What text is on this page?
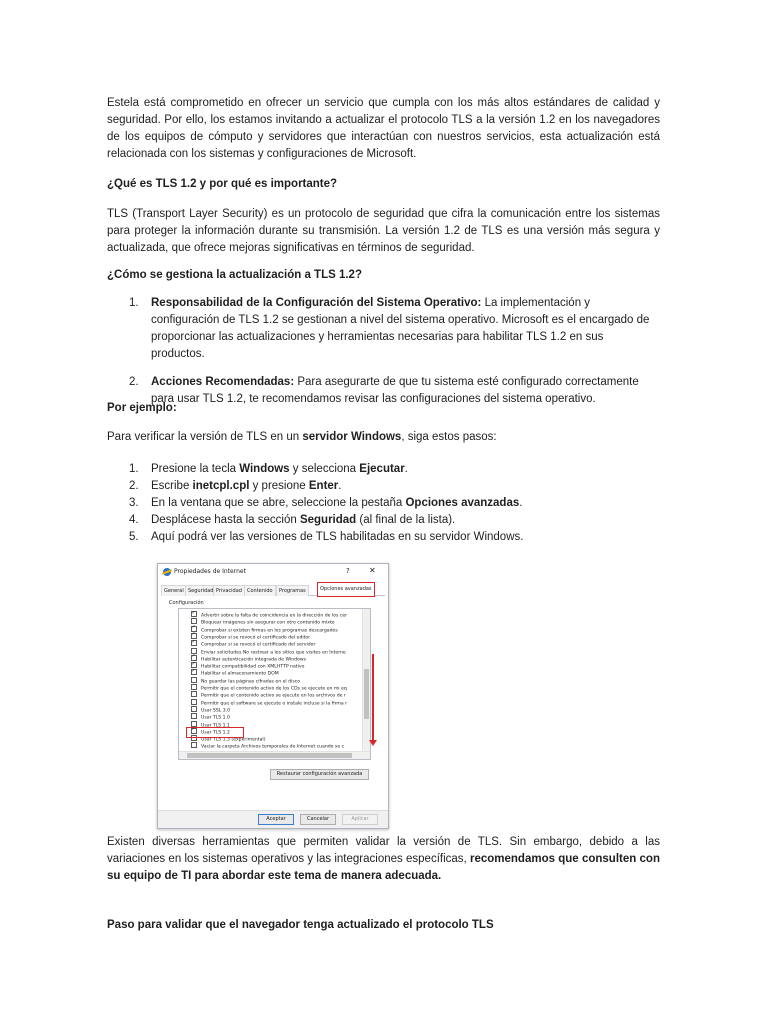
Estela está comprometido en ofrecer un servicio que cumpla con los más altos estándares de calidad y seguridad. Por ello, los estamos invitando a actualizar el protocolo TLS a la versión 1.2 en los navegadores de los equipos de cómputo y servidores que interactúan con nuestros servicios, esta actualización está relacionada con los sistemas y configuraciones de Microsoft.

¿Qué es TLS 1.2 y por qué es importante?

TLS (Transport Layer Security) es un protocolo de seguridad que cifra la comunicación entre los sistemas para proteger la información durante su transmisión. La versión 1.2 de TLS es una versión más segura y actualizada, que ofrece mejoras significativas en términos de seguridad.

¿Cómo se gestiona la actualización a TLS 1.2?

1. Responsabilidad de la Configuración del Sistema Operativo: La implementación y configuración de TLS 1.2 se gestionan a nivel del sistema operativo. Microsoft es el encargado de proporcionar las actualizaciones y herramientas necesarias para habilitar TLS 1.2 en sus productos.
2. Acciones Recomendadas: Para asegurarte de que tu sistema esté configurado correctamente para usar TLS 1.2, te recomendamos revisar las configuraciones del sistema operativo.

Por ejemplo:

Para verificar la versión de TLS en un servidor Windows, siga estos pasos:

1. Presione la tecla Windows y selecciona Ejecutar.
2. Escribe inetcpl.cpl y presione Enter.
3. En la ventana que se abre, seleccione la pestaña Opciones avanzadas.
4. Desplácese hasta la sección Seguridad (al final de la lista).
5. Aquí podrá ver las versiones de TLS habilitadas en su servidor Windows.
Propiedades de Internet	? ✕
General Seguridad Privacidad	Contenido	Programas	Opciones avanzadas
Configuración
✓Advertir sobre la falta de coincidencia en la dirección de los cer
Bloquear imágenes sin asegurar con otro contenido mixto
✓Comprobar si existen firmas en los programas descargados
✓Comprobar si se revocó el certificado del editor
✓Comprobar si se revocó el certificado del servidor
Enviar solicitudes No rastrear a los sitios que visites en Interne
✓Habilitar autenticación integrada de Windows
✓Habilitar compatibilidad con XMLHTTP nativo
✓Habilitar el almacenamiento DOM
No guardar las páginas cifradas en el disco
Permitir que el contenido activo de los CDs se ejecute en mi eq
Permitir que el contenido activo se ejecute en los archivos de r
Permitir que el software se ejecute o instale incluso si la firma r
Usar SSL 3.0
Usar TLS 1.0
Usar TLS 1.1
✓Usar TLS 1.2
Usar TLS 1.3 (experimental)
Vaciar la carpeta Archivos temporales de Internet cuando se c
Restaurar configuración avanzada
Aceptar	Cancelar	Aplicar

Existen diversas herramientas que permiten validar la versión de TLS. Sin embargo, debido a las variaciones en los sistemas operativos y las integraciones específicas, recomendamos que consulten con su equipo de TI para abordar este tema de manera adecuada.

Paso para validar que el navegador tenga actualizado el protocolo TLS
